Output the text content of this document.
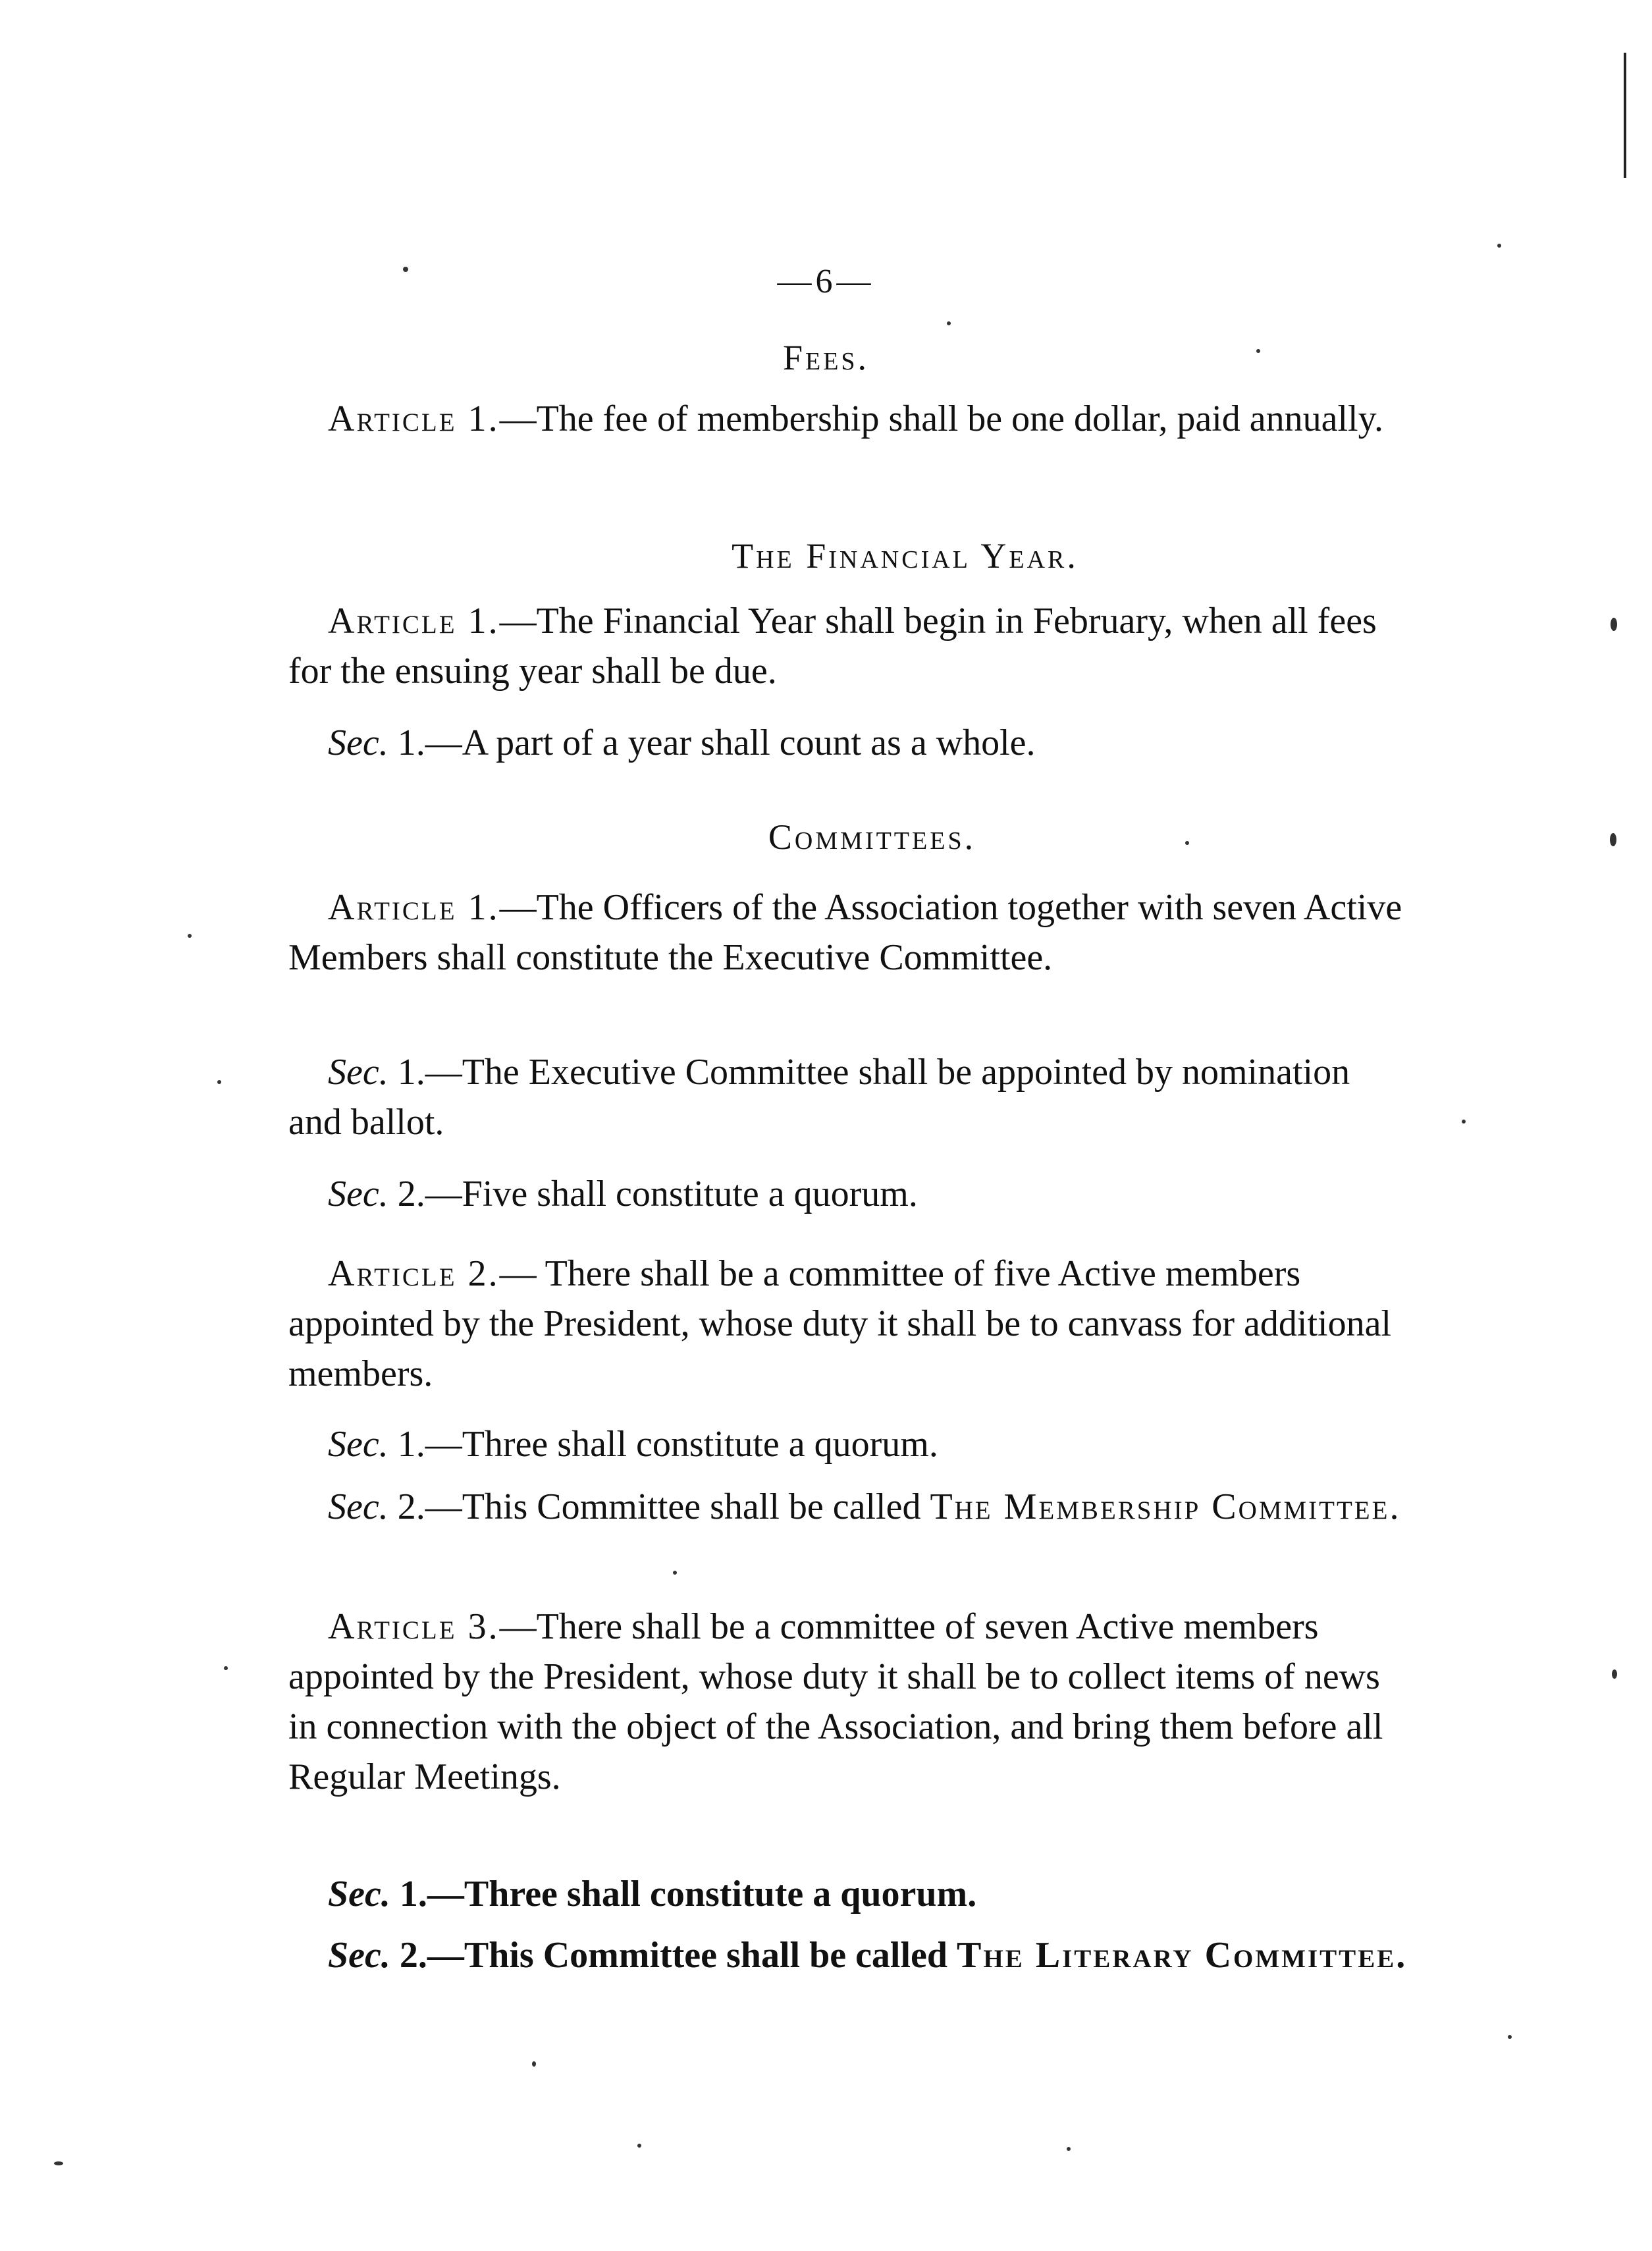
—6—
Fees.

Article 1.—The fee of membership shall be one dollar, paid annually.

The Financial Year.

Article 1.—The Financial Year shall begin in February, when all fees for the ensuing year shall be due.

Sec. 1.—A part of a year shall count as a whole.

Committees.

Article 1.—The Officers of the Association together with seven Active Members shall constitute the Executive Committee.

Sec. 1.—The Executive Committee shall be appointed by nomination and ballot.

Sec. 2.—Five shall constitute a quorum.

Article 2.— There shall be a committee of five Active members appointed by the President, whose duty it shall be to canvass for additional members.

Sec. 1.—Three shall constitute a quorum.

Sec. 2.—This Committee shall be called The Membership Committee.

Article 3.—There shall be a committee of seven Active members appointed by the President, whose duty it shall be to collect items of news in connection with the object of the Association, and bring them before all Regular Meetings.

Sec. 1.—Three shall constitute a quorum.

Sec. 2.—This Committee shall be called The Literary Committee.
